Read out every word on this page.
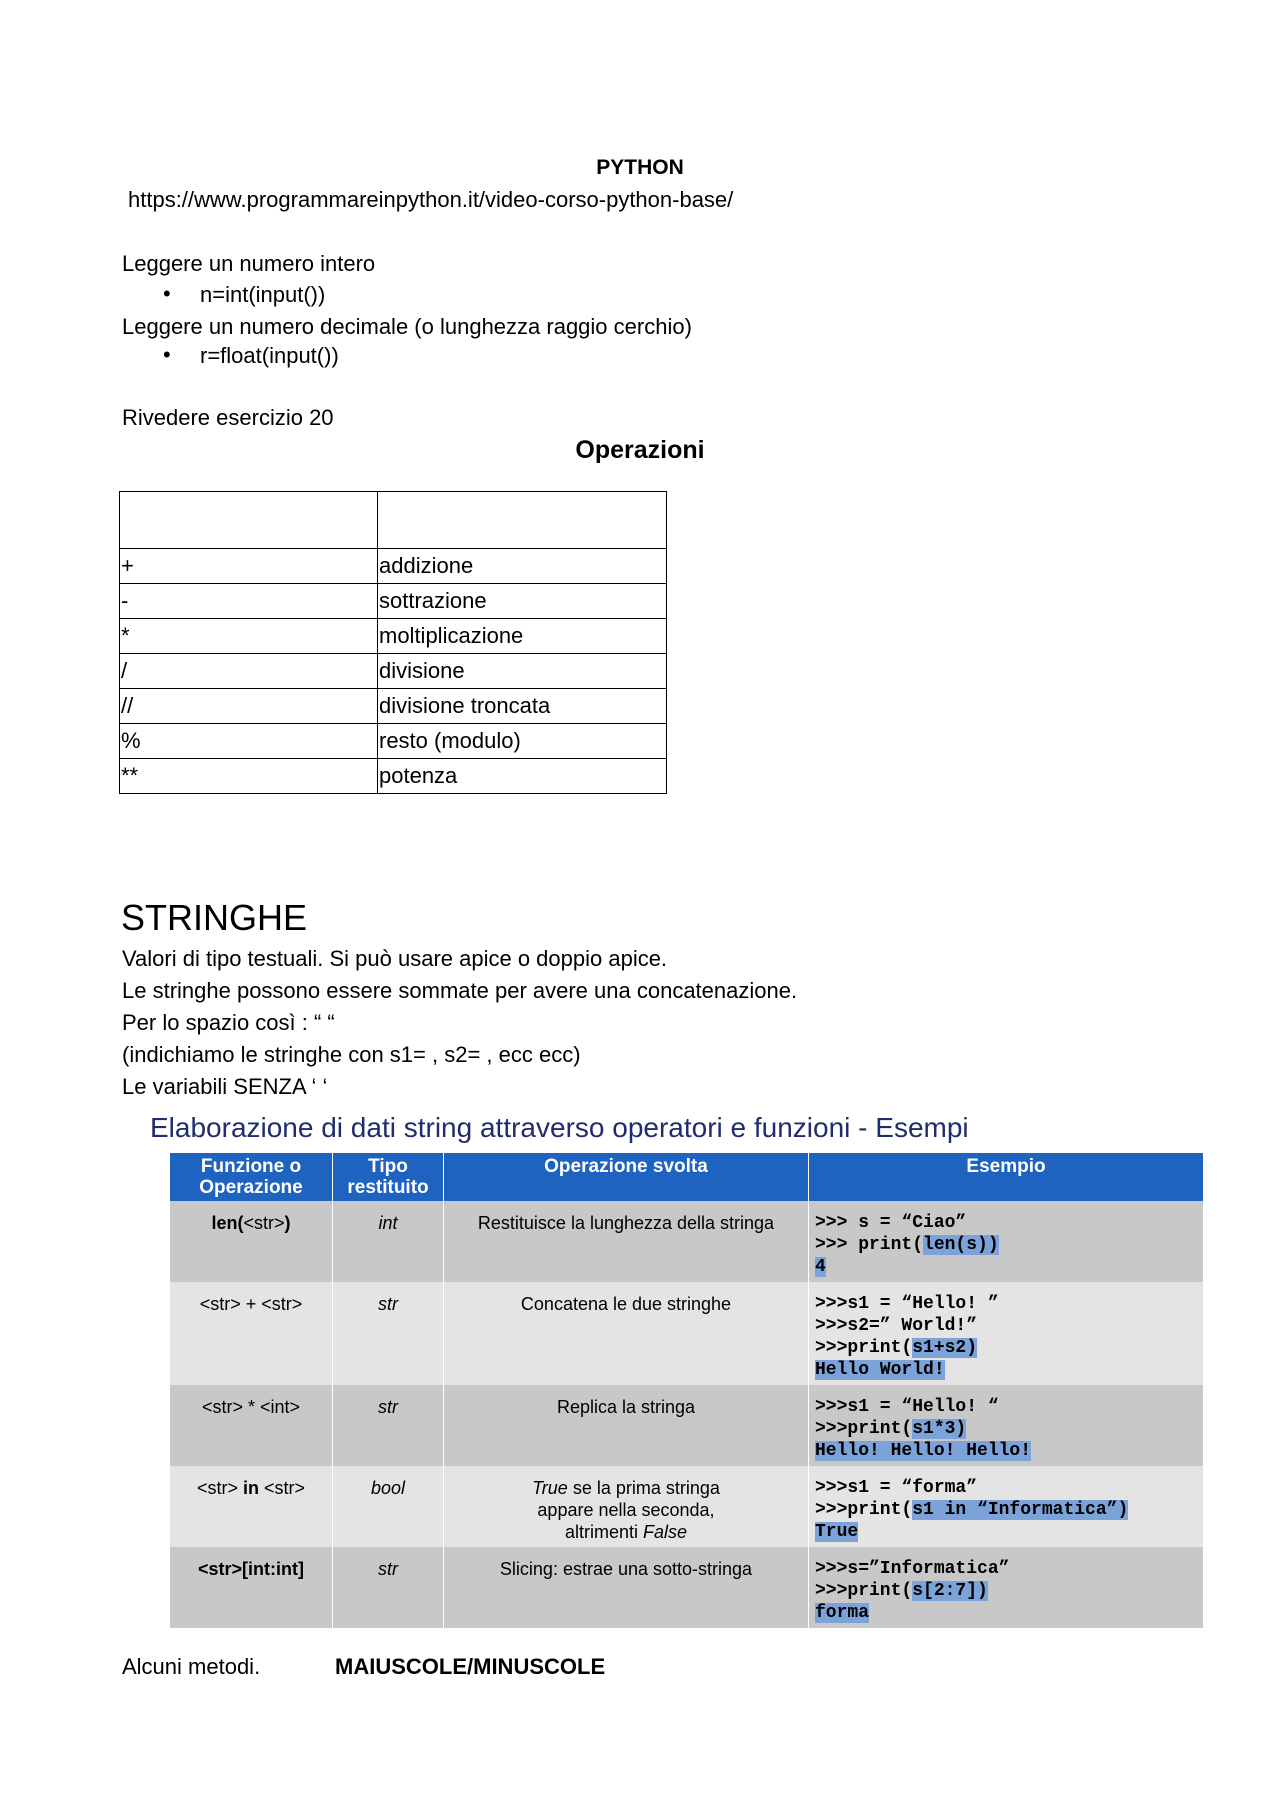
PYTHON
https://www.programmareinpython.it/video-corso-python-base/
Leggere un numero intero
• n=int(input())
Leggere un numero decimale (o lunghezza raggio cerchio)
• r=float(input())
Rivedere esercizio 20
Operazioni

+	addizione
-	sottrazione
*	moltiplicazione
/	divisione
//	divisione troncata
%	resto (modulo)
**	potenza
STRINGHE
Valori di tipo testuali. Si può usare apice o doppio apice.
Le stringhe possono essere sommate per avere una concatenazione.
Per lo spazio così : “ “
(indichiamo le stringhe con s1= , s2= , ecc ecc)
Le variabili SENZA ‘ ‘
Elaborazione di dati string attraverso operatori e funzioni - Esempi
Funzione o Operazione	Tipo restituito	Operazione svolta	Esempio
len(<str>)	int	Restituisce la lunghezza della stringa	>>> s = “Ciao”
>>> print(len(s))
4
<str> + <str>	str	Concatena le due stringhe	>>>s1 = “Hello! ”
>>>s2=” World!”
>>>print(s1+s2)
Hello World!
<str> * <int>	str	Replica la stringa	>>>s1 = “Hello! “
>>>print(s1*3)
Hello! Hello! Hello!
<str> in <str>	bool	True se la prima stringa
appare nella seconda,
altrimenti False	>>>s1 = “forma”
>>>print(s1 in “Informatica”)
True
<str>[int:int]	str	Slicing: estrae una sotto-stringa	>>>s=”Informatica”
>>>print(s[2:7])
forma
Alcuni metodi.	MAIUSCOLE/MINUSCOLE
